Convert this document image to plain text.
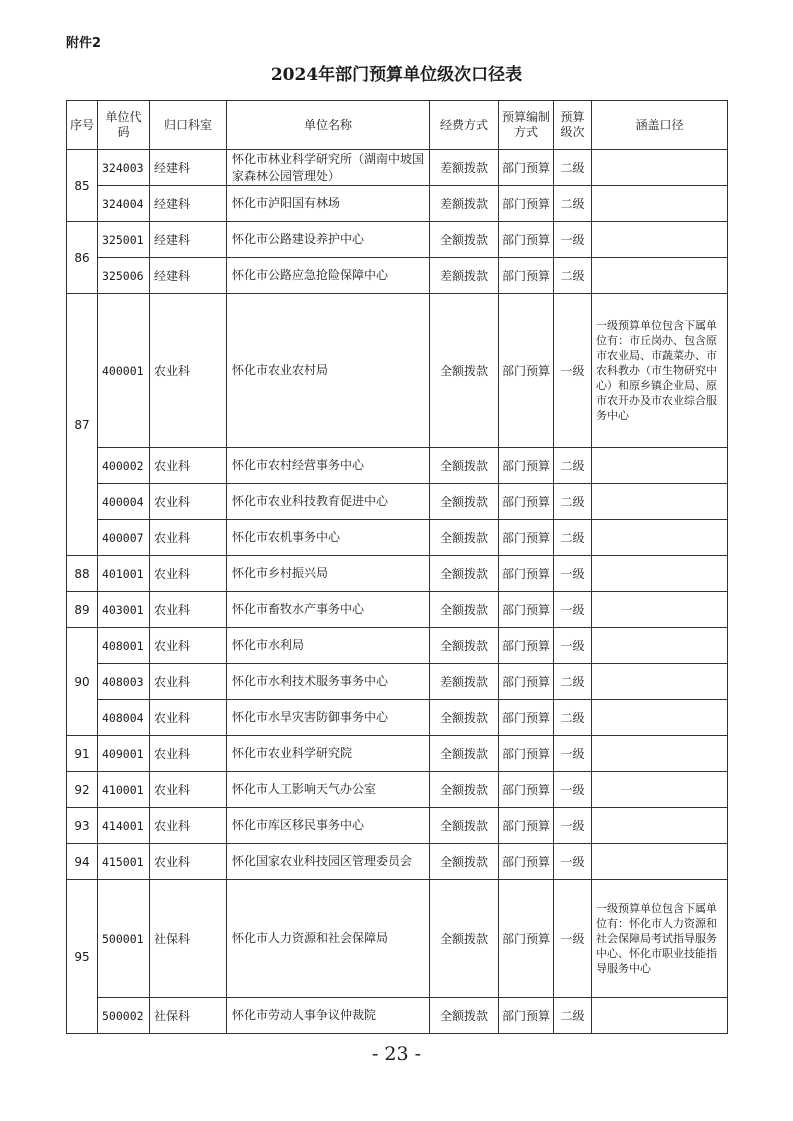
附件2
2024年部门预算单位级次口径表
序号	单位代码	归口科室	单位名称	经费方式	预算编制方式	预算级次	涵盖口径
85	324003	经建科	怀化市林业科学研究所（湖南中坡国家森林公园管理处）	差额拨款	部门预算	二级	
	324004	经建科	怀化市泸阳国有林场	差额拨款	部门预算	二级	
86	325001	经建科	怀化市公路建设养护中心	全额拨款	部门预算	一级	
	325006	经建科	怀化市公路应急抢险保障中心	差额拨款	部门预算	二级	
87	400001	农业科	怀化市农业农村局	全额拨款	部门预算	一级	一级预算单位包含下属单位有：市丘岗办、包含原市农业局、市蔬菜办、市农科教办（市生物研究中心）和原乡镇企业局、原市农开办及市农业综合服务中心
	400002	农业科	怀化市农村经营事务中心	全额拨款	部门预算	二级	
	400004	农业科	怀化市农业科技教育促进中心	全额拨款	部门预算	二级	
	400007	农业科	怀化市农机事务中心	全额拨款	部门预算	二级	
88	401001	农业科	怀化市乡村振兴局	全额拨款	部门预算	一级	
89	403001	农业科	怀化市畜牧水产事务中心	全额拨款	部门预算	一级	
90	408001	农业科	怀化市水利局	全额拨款	部门预算	一级	
	408003	农业科	怀化市水利技术服务事务中心	差额拨款	部门预算	二级	
	408004	农业科	怀化市水旱灾害防御事务中心	全额拨款	部门预算	二级	
91	409001	农业科	怀化市农业科学研究院	全额拨款	部门预算	一级	
92	410001	农业科	怀化市人工影响天气办公室	全额拨款	部门预算	一级	
93	414001	农业科	怀化市库区移民事务中心	全额拨款	部门预算	一级	
94	415001	农业科	怀化国家农业科技园区管理委员会	全额拨款	部门预算	一级	
95	500001	社保科	怀化市人力资源和社会保障局	全额拨款	部门预算	一级	一级预算单位包含下属单位有：怀化市人力资源和社会保障局考试指导服务中心、怀化市职业技能指导服务中心
	500002	社保科	怀化市劳动人事争议仲裁院	全额拨款	部门预算	二级	
- 23 -
